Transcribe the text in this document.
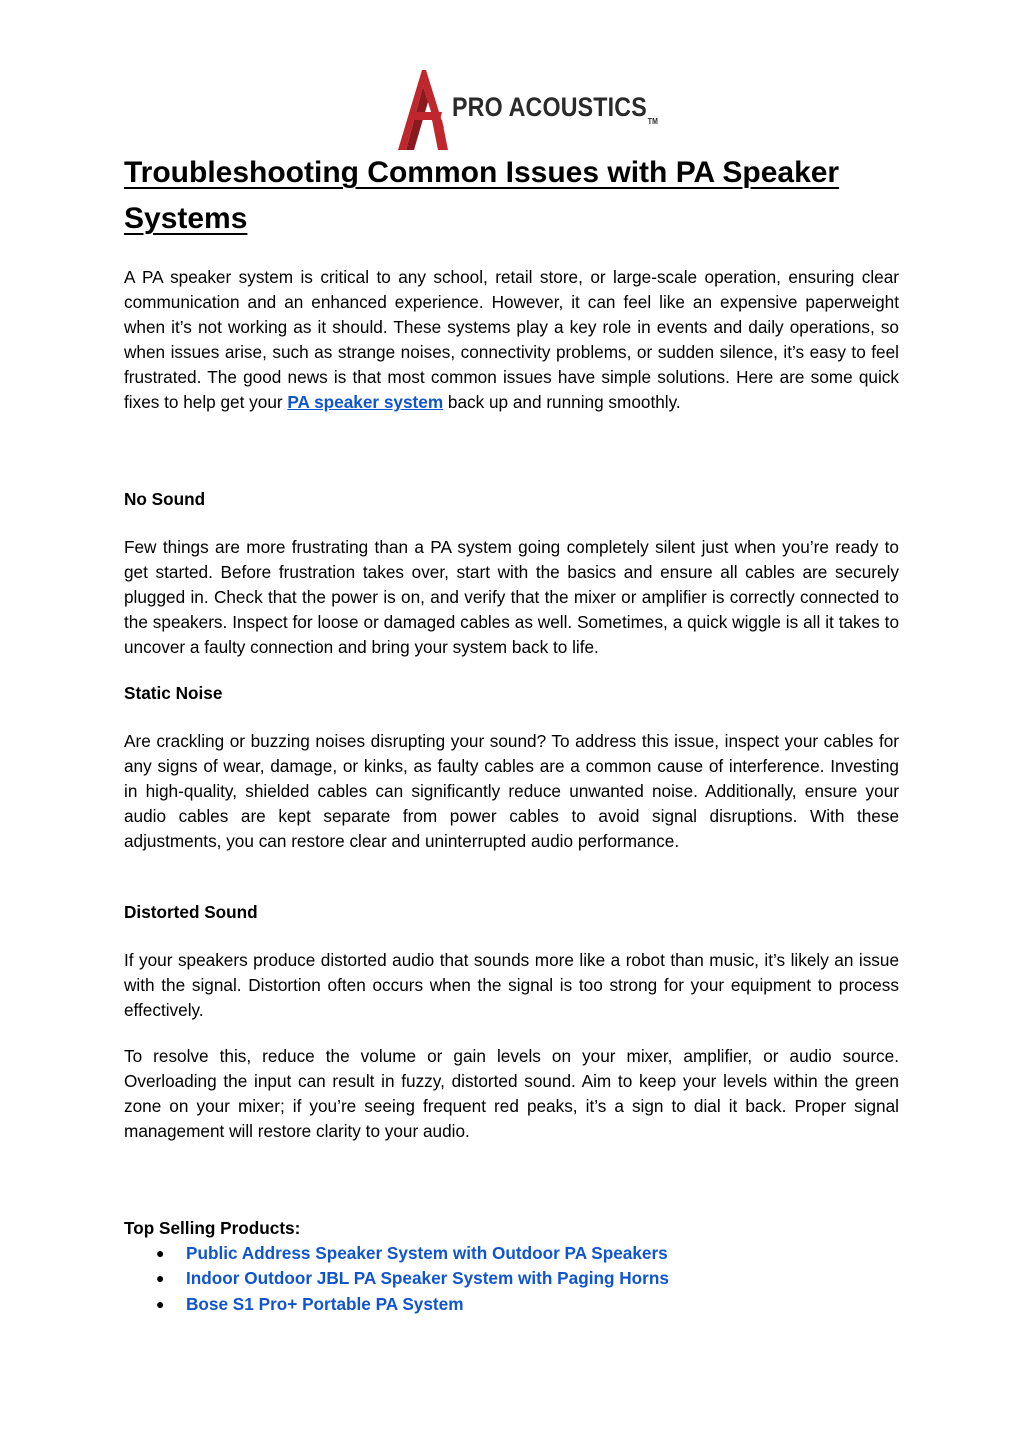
PRO $ACOUSTICS_{TM}$
Troubleshooting Common Issues with PA Speaker Systems

A PA speaker system is critical to any school, retail store, or large-scale operation, ensuring clear communication and an enhanced experience. However, it can feel like an expensive paperweight when it’s not working as it should. These systems play a key role in events and daily operations, so when issues arise, such as strange noises, connectivity problems, or sudden silence, it’s easy to feel frustrated. The good news is that most common issues have simple solutions. Here are some quick fixes to help get your PA speaker system back up and running smoothly.

No Sound

Few things are more frustrating than a PA system going completely silent just when you’re ready to get started. Before frustration takes over, start with the basics and ensure all cables are securely plugged in. Check that the power is on, and verify that the mixer or amplifier is correctly connected to the speakers. Inspect for loose or damaged cables as well. Sometimes, a quick wiggle is all it takes to uncover a faulty connection and bring your system back to life.

Static Noise

Are crackling or buzzing noises disrupting your sound? To address this issue, inspect your cables for any signs of wear, damage, or kinks, as faulty cables are a common cause of interference. Investing in high-quality, shielded cables can significantly reduce unwanted noise. Additionally, ensure your audio cables are kept separate from power cables to avoid signal disruptions. With these adjustments, you can restore clear and uninterrupted audio performance.

Distorted Sound

If your speakers produce distorted audio that sounds more like a robot than music, it’s likely an issue with the signal. Distortion often occurs when the signal is too strong for your equipment to process effectively.

To resolve this, reduce the volume or gain levels on your mixer, amplifier, or audio source. Overloading the input can result in fuzzy, distorted sound. Aim to keep your levels within the green zone on your mixer; if you’re seeing frequent red peaks, it’s a sign to dial it back. Proper signal management will restore clarity to your audio.

Top Selling Products:

● Public Address Speaker System with Outdoor PA Speakers
● Indoor Outdoor JBL PA Speaker System with Paging Horns
● Bose S1 Pro+ Portable PA System
